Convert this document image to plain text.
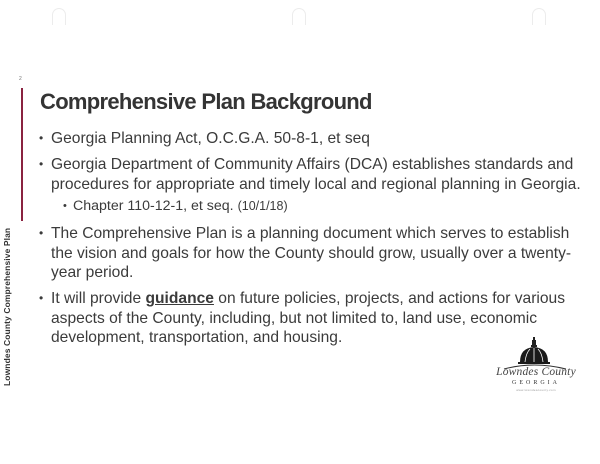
2
Lowndes County Comprehensive Plan
Comprehensive Plan Background
• Georgia Planning Act, O.C.G.A. 50-8-1, et seq
• Georgia Department of Community Affairs (DCA) establishes standards and procedures for appropriate and timely local and regional planning in Georgia.
• Chapter 110-12-1, et seq. (10/1/18)
• The Comprehensive Plan is a planning document which serves to establish the vision and goals for how the County should grow, usually over a twenty-year period.
• It will provide guidance on future policies, projects, and actions for various aspects of the County, including, but not limited to, land use, economic development, transportation, and housing.
Lowndes County
GEORGIA
www.lowndescounty.com
